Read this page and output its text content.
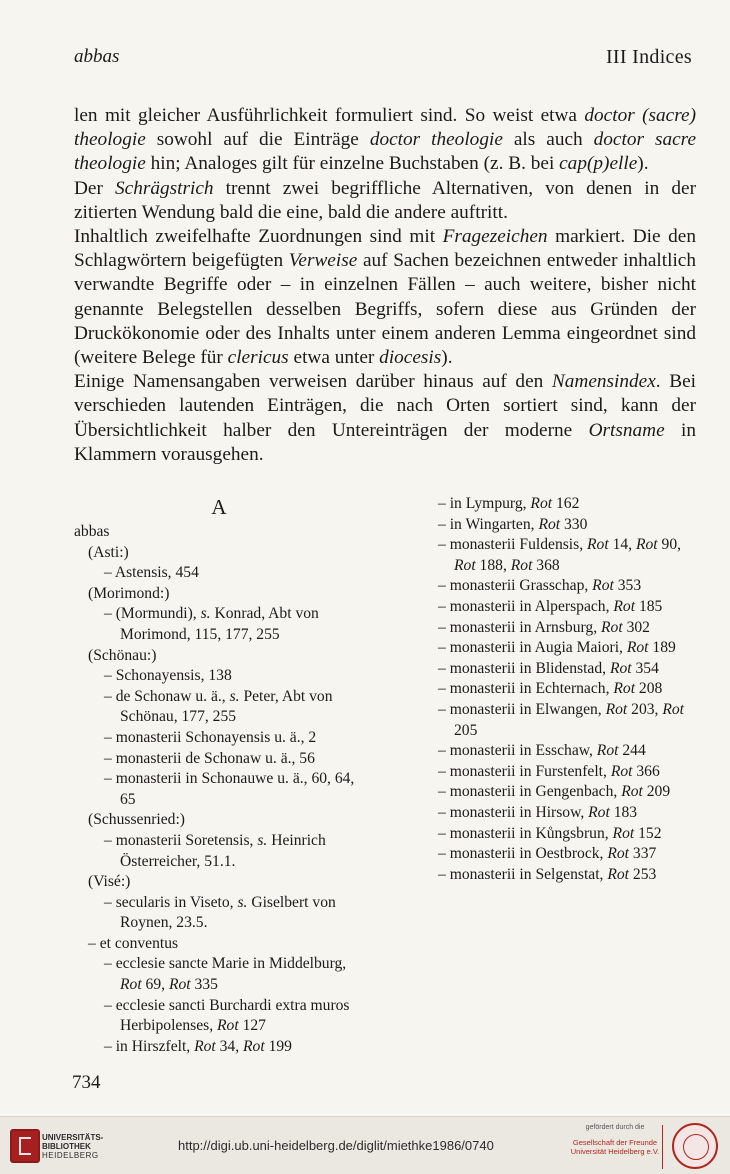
abbas	III Indices

len mit gleicher Ausführlichkeit formuliert sind. So weist etwa doctor (sacre) theologie sowohl auf die Einträge doctor theologie als auch doctor sacre theologie hin; Analoges gilt für einzelne Buchstaben (z. B. bei cap(p)elle).

Der Schrägstrich trennt zwei begriffliche Alternativen, von denen in der zitierten Wendung bald die eine, bald die andere auftritt.

Inhaltlich zweifelhafte Zuordnungen sind mit Fragezeichen markiert. Die den Schlagwörtern beigefügten Verweise auf Sachen bezeichnen entweder inhaltlich verwandte Begriffe oder – in einzelnen Fällen – auch weitere, bisher nicht genannte Belegstellen desselben Begriffs, sofern diese aus Gründen der Druckökonomie oder des Inhalts unter einem anderen Lemma eingeordnet sind (weitere Belege für clericus etwa unter diocesis).

Einige Namensangaben verweisen darüber hinaus auf den Namensindex. Bei verschieden lautenden Einträgen, die nach Orten sortiert sind, kann der Übersichtlichkeit halber den Untereinträgen der moderne Ortsname in Klammern vorausgehen.

A
abbas
(Asti:)
– Astensis, 454
(Morimond:)
– (Mormundi), s. Konrad, Abt von Morimond, 115, 177, 255
(Schönau:)
– Schonayensis, 138
– de Schonaw u. ä., s. Peter, Abt von Schönau, 177, 255
– monasterii Schonayensis u. ä., 2
– monasterii de Schonaw u. ä., 56
– monasterii in Schonauwe u. ä., 60, 64, 65
(Schussenried:)
– monasterii Soretensis, s. Heinrich Österreicher, 51.1.
(Visé:)
– secularis in Viseto, s. Giselbert von Roynen, 23.5.
– et conventus
– ecclesie sancte Marie in Middelburg, Rot 69, Rot 335
– ecclesie sancti Burchardi extra muros Herbipolenses, Rot 127
– in Hirszfelt, Rot 34, Rot 199
– in Lympurg, Rot 162
– in Wingarten, Rot 330
– monasterii Fuldensis, Rot 14, Rot 90, Rot 188, Rot 368
– monasterii Grasschap, Rot 353
– monasterii in Alperspach, Rot 185
– monasterii in Arnsburg, Rot 302
– monasterii in Augia Maiori, Rot 189
– monasterii in Blidenstad, Rot 354
– monasterii in Echternach, Rot 208
– monasterii in Elwangen, Rot 203, Rot 205
– monasterii in Esschaw, Rot 244
– monasterii in Furstenfelt, Rot 366
– monasterii in Gengenbach, Rot 209
– monasterii in Hirsow, Rot 183
– monasterii in Kůngsbrun, Rot 152
– monasterii in Oestbrock, Rot 337
– monasterii in Selgenstat, Rot 253
734
UNIVERSITÄTS-
BIBLIOTHEK
HEIDELBERG
http://digi.ub.uni-heidelberg.de/diglit/miethke1986/0740
gefördert durch die
Gesellschaft der Freunde
Universität Heidelberg e.V.
